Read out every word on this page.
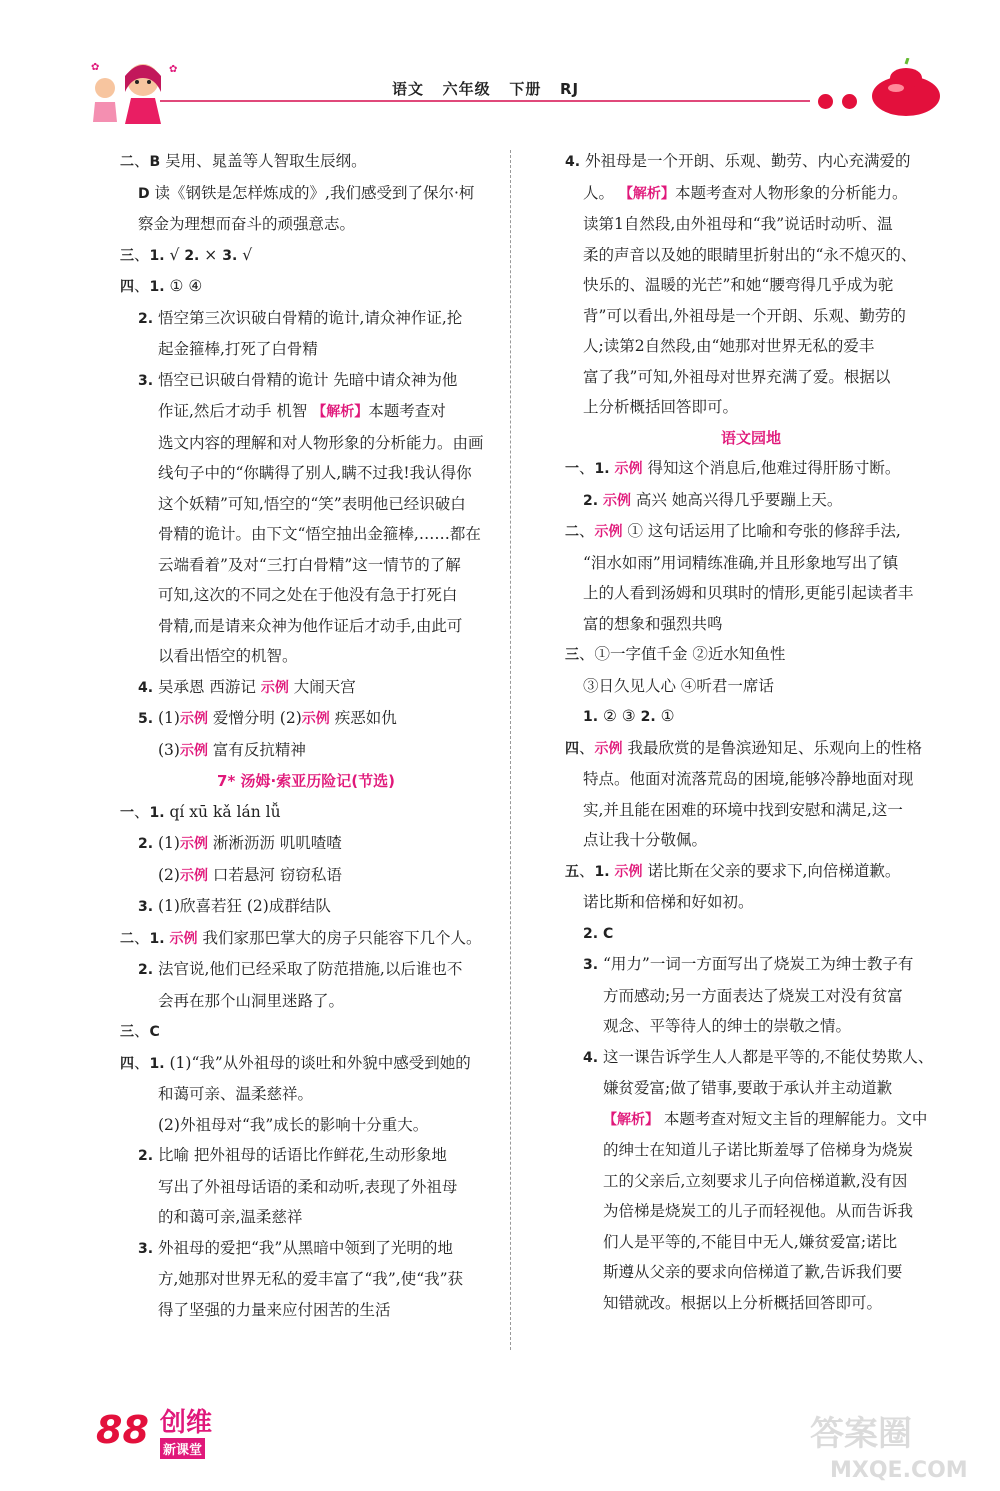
✿	✿
语文   六年级   下册   RJ
二、B 吴用、晁盖等人智取生辰纲。
D 读《钢铁是怎样炼成的》,我们感受到了保尔·柯
察金为理想而奋斗的顽强意志。
三、1. √ 2. × 3. √
四、1. ① ④
2. 悟空第三次识破白骨精的诡计,请众神作证,抡
起金箍棒,打死了白骨精
3. 悟空已识破白骨精的诡计 先暗中请众神为他
作证,然后才动手 机智 【解析】本题考查对
选文内容的理解和对人物形象的分析能力。由画
线句子中的“你瞒得了别人,瞒不过我!我认得你
这个妖精”可知,悟空的“笑”表明他已经识破白
骨精的诡计。由下文“悟空抽出金箍棒,……都在
云端看着”及对“三打白骨精”这一情节的了解
可知,这次的不同之处在于他没有急于打死白
骨精,而是请来众神为他作证后才动手,由此可
以看出悟空的机智。
4. 吴承恩 西游记 示例 大闹天宫
5. (1)示例 爱憎分明 (2)示例 疾恶如仇
(3)示例 富有反抗精神
7* 汤姆·索亚历险记(节选)
一、1. qí xū kǎ lán lǚ
2. (1)示例 淅淅沥沥 叽叽喳喳
(2)示例 口若悬河 窃窃私语
3. (1)欣喜若狂 (2)成群结队
二、1. 示例 我们家那巴掌大的房子只能容下几个人。
2. 法官说,他们已经采取了防范措施,以后谁也不
会再在那个山洞里迷路了。
三、C
四、1. (1)“我”从外祖母的谈吐和外貌中感受到她的
和蔼可亲、温柔慈祥。
(2)外祖母对“我”成长的影响十分重大。
2. 比喻 把外祖母的话语比作鲜花,生动形象地
写出了外祖母话语的柔和动听,表现了外祖母
的和蔼可亲,温柔慈祥
3. 外祖母的爱把“我”从黑暗中领到了光明的地
方,她那对世界无私的爱丰富了“我”,使“我”获
得了坚强的力量来应付困苦的生活
4. 外祖母是一个开朗、乐观、勤劳、内心充满爱的
人。 【解析】本题考查对人物形象的分析能力。
读第1自然段,由外祖母和“我”说话时动听、温
柔的声音以及她的眼睛里折射出的“永不熄灭的、
快乐的、温暖的光芒”和她“腰弯得几乎成为驼
背”可以看出,外祖母是一个开朗、乐观、勤劳的
人;读第2自然段,由“她那对世界无私的爱丰
富了我”可知,外祖母对世界充满了爱。根据以
上分析概括回答即可。
语文园地
一、1. 示例 得知这个消息后,他难过得肝肠寸断。
2. 示例 高兴 她高兴得几乎要蹦上天。
二、示例 ① 这句话运用了比喻和夸张的修辞手法,
“泪水如雨”用词精练准确,并且形象地写出了镇
上的人看到汤姆和贝琪时的情形,更能引起读者丰
富的想象和强烈共鸣
三、①一字值千金 ②近水知鱼性
③日久见人心 ④听君一席话
1. ② ③ 2. ①
四、示例 我最欣赏的是鲁滨逊知足、乐观向上的性格
特点。他面对流落荒岛的困境,能够冷静地面对现
实,并且能在困难的环境中找到安慰和满足,这一
点让我十分敬佩。
五、1. 示例 诺比斯在父亲的要求下,向倍梯道歉。
诺比斯和倍梯和好如初。
2. C
3. “用力”一词一方面写出了烧炭工为绅士教子有
方而感动;另一方面表达了烧炭工对没有贫富
观念、平等待人的绅士的崇敬之情。
4. 这一课告诉学生人人都是平等的,不能仗势欺人、
嫌贫爱富;做了错事,要敢于承认并主动道歉
【解析】 本题考查对短文主旨的理解能力。文中
的绅士在知道儿子诺比斯羞辱了倍梯身为烧炭
工的父亲后,立刻要求儿子向倍梯道歉,没有因
为倍梯是烧炭工的儿子而轻视他。从而告诉我
们人是平等的,不能目中无人,嫌贫爱富;诺比
斯遵从父亲的要求向倍梯道了歉,告诉我们要
知错就改。根据以上分析概括回答即可。
88 创维
新课堂	答案圈
MXQE.COM
